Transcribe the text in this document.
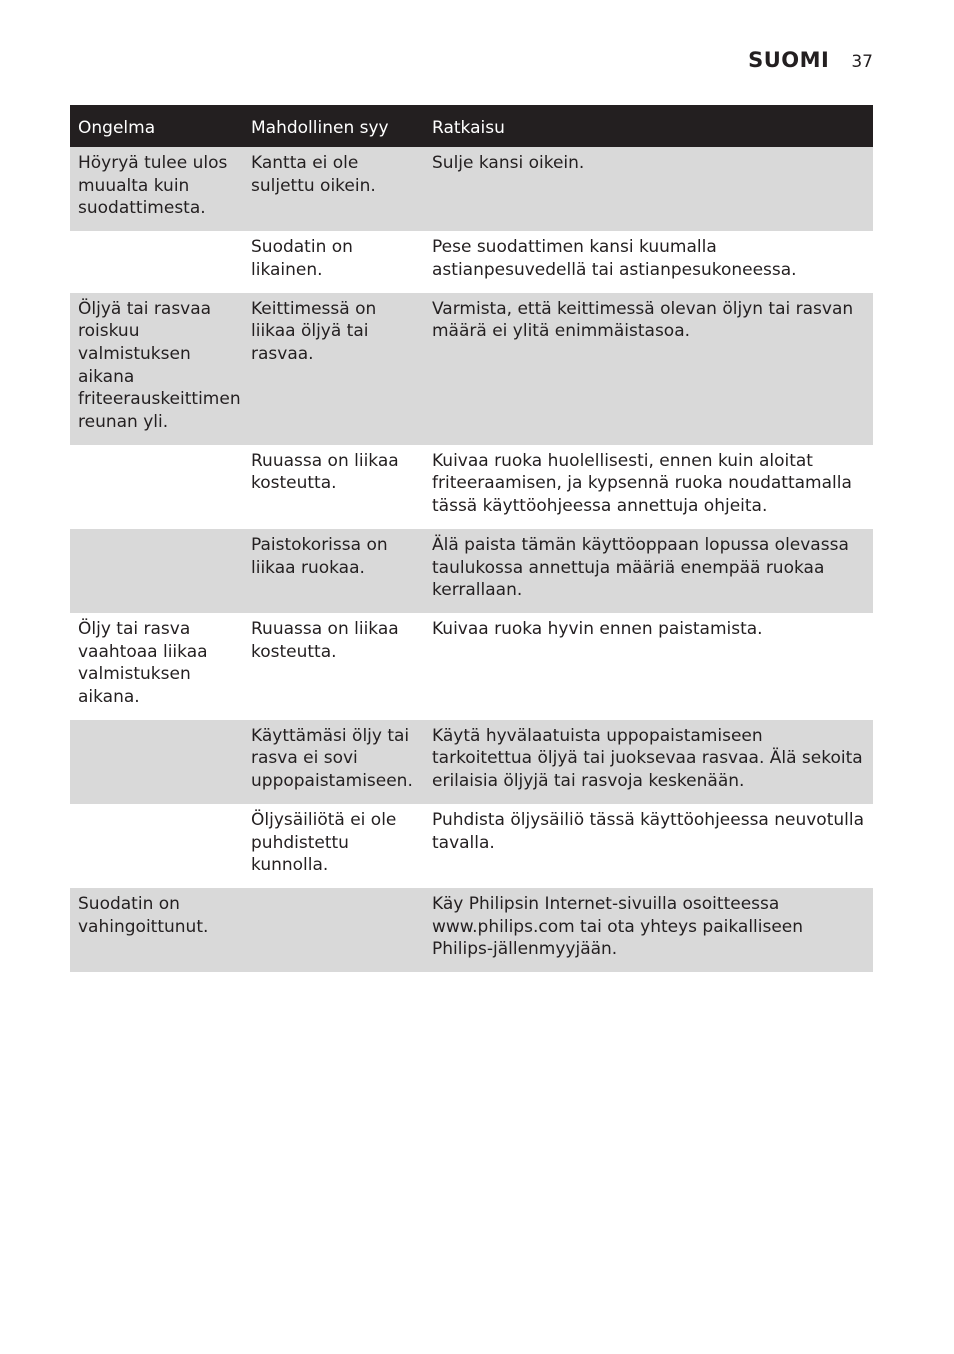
SUOMI 37
Ongelma	Mahdollinen syy	Ratkaisu
Höyryä tulee ulos muualta kuin suodattimesta.	Kantta ei ole suljettu oikein.	Sulje kansi oikein.
	Suodatin on likainen.	Pese suodattimen kansi kuumalla astianpesuvedellä tai astianpesukoneessa.
Öljyä tai rasvaa roiskuu valmistuksen aikana friteerauskeittimen reunan yli.	Keittimessä on liikaa öljyä tai rasvaa.	Varmista, että keittimessä olevan öljyn tai rasvan määrä ei ylitä enimmäistasoa.
	Ruuassa on liikaa kosteutta.	Kuivaa ruoka huolellisesti, ennen kuin aloitat friteeraamisen, ja kypsennä ruoka noudattamalla tässä käyttöohjeessa annettuja ohjeita.
	Paistokorissa on liikaa ruokaa.	Älä paista tämän käyttöoppaan lopussa olevassa taulukossa annettuja määriä enempää ruokaa kerrallaan.
Öljy tai rasva vaahtoaa liikaa valmistuksen aikana.	Ruuassa on liikaa kosteutta.	Kuivaa ruoka hyvin ennen paistamista.
	Käyttämäsi öljy tai rasva ei sovi uppopaistamiseen.	Käytä hyvälaatuista uppopaistamiseen tarkoitettua öljyä tai juoksevaa rasvaa. Älä sekoita erilaisia öljyjä tai rasvoja keskenään.
	Öljysäiliötä ei ole puhdistettu kunnolla.	Puhdista öljysäiliö tässä käyttöohjeessa neuvotulla tavalla.
Suodatin on vahingoittunut.		Käy Philipsin Internet-sivuilla osoitteessa www.philips.com tai ota yhteys paikalliseen Philips-jällenmyyjään.
